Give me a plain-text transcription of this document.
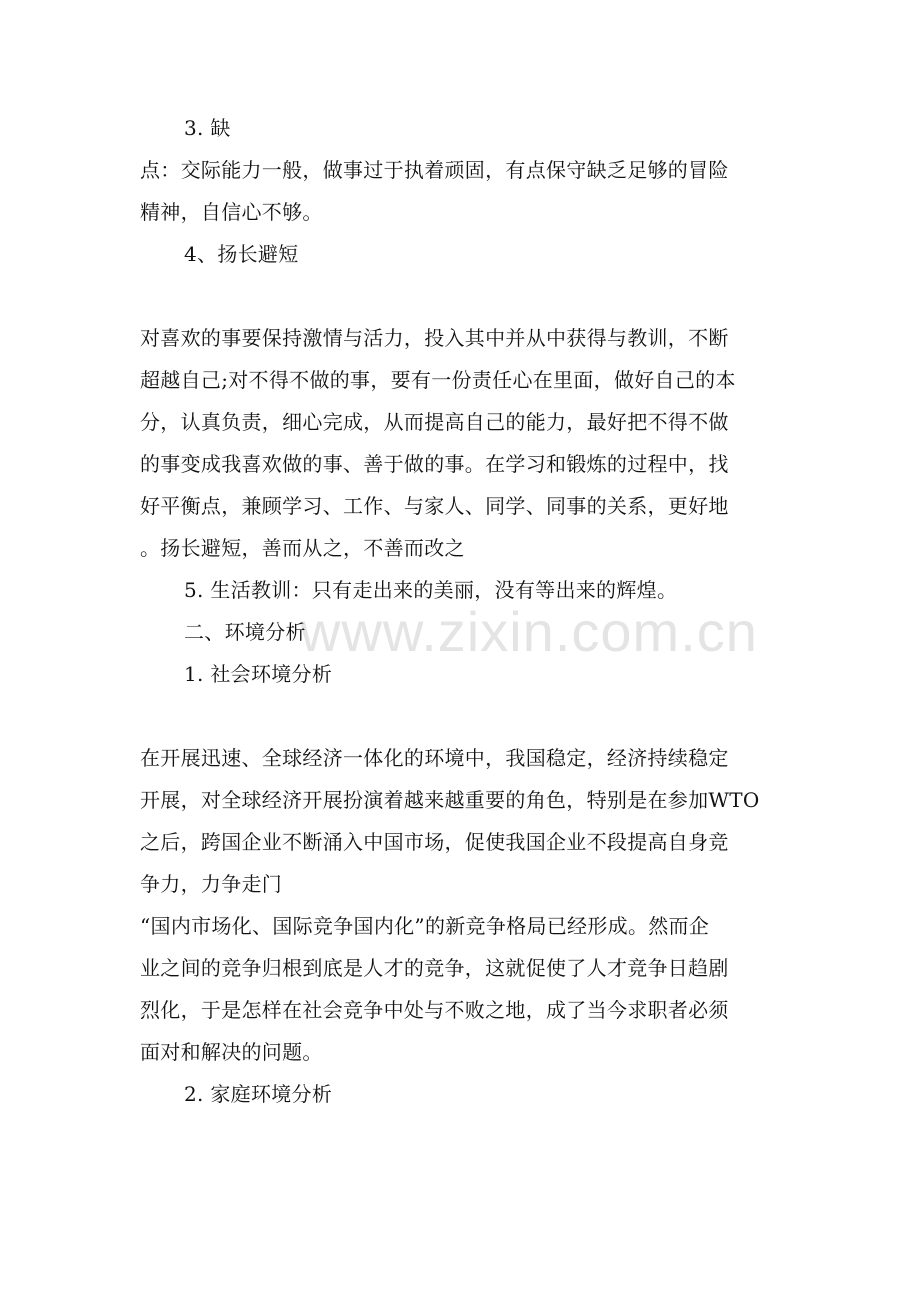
www.zixin.com.cn
3. 缺
点：交际能力一般，做事过于执着顽固，有点保守缺乏足够的冒险
精神，自信心不够。
4、扬长避短
对喜欢的事要保持激情与活力，投入其中并从中获得与教训，不断
超越自己;对不得不做的事，要有一份责任心在里面，做好自己的本
分，认真负责，细心完成，从而提高自己的能力，最好把不得不做
的事变成我喜欢做的事、善于做的事。在学习和锻炼的过程中，找
好平衡点，兼顾学习、工作、与家人、同学、同事的关系，更好地
。扬长避短，善而从之，不善而改之
5. 生活教训：只有走出来的美丽，没有等出来的辉煌。
二、环境分析
1. 社会环境分析
在开展迅速、全球经济一体化的环境中，我国稳定，经济持续稳定
开展，对全球经济开展扮演着越来越重要的角色，特别是在参加WTO
之后，跨国企业不断涌入中国市场，促使我国企业不段提高自身竞
争力，力争走门
“国内市场化、国际竞争国内化”的新竞争格局已经形成。然而企
业之间的竞争归根到底是人才的竞争，这就促使了人才竞争日趋剧
烈化，于是怎样在社会竞争中处与不败之地，成了当今求职者必须
面对和解决的问题。
2. 家庭环境分析
